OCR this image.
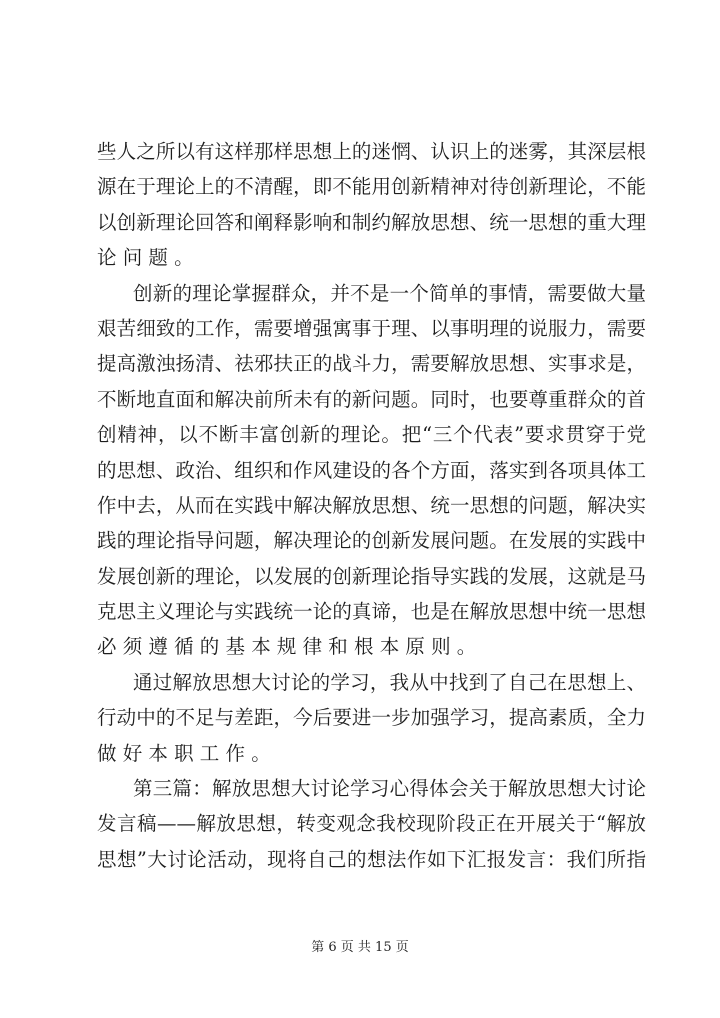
些人之所以有这样那样思想上的迷惘、认识上的迷雾，其深层根
源在于理论上的不清醒，即不能用创新精神对待创新理论，不能
以创新理论回答和阐释影响和制约解放思想、统一思想的重大理
论问题。
创新的理论掌握群众，并不是一个简单的事情，需要做大量
艰苦细致的工作，需要增强寓事于理、以事明理的说服力，需要
提高激浊扬清、祛邪扶正的战斗力，需要解放思想、实事求是，
不断地直面和解决前所未有的新问题。同时，也要尊重群众的首
创精神，以不断丰富创新的理论。把“三个代表”要求贯穿于党
的思想、政治、组织和作风建设的各个方面，落实到各项具体工
作中去，从而在实践中解决解放思想、统一思想的问题，解决实
践的理论指导问题，解决理论的创新发展问题。在发展的实践中
发展创新的理论，以发展的创新理论指导实践的发展，这就是马
克思主义理论与实践统一论的真谛，也是在解放思想中统一思想
必须遵循的基本规律和根本原则。
通过解放思想大讨论的学习，我从中找到了自己在思想上、
行动中的不足与差距，今后要进一步加强学习，提高素质，全力
做好本职工作。
第三篇：解放思想大讨论学习心得体会关于解放思想大讨论
发言稿——解放思想，转变观念我校现阶段正在开展关于“解放
思想”大讨论活动，现将自己的想法作如下汇报发言：我们所指
第 6 页 共 15 页
